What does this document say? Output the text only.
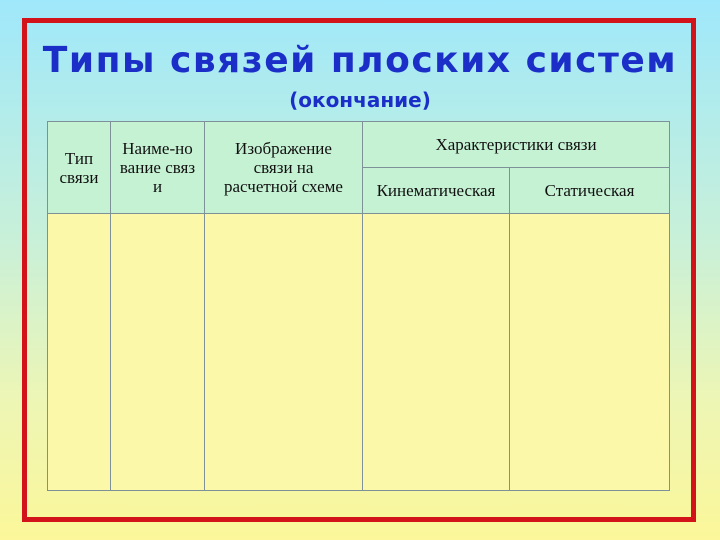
Типы связей плоских систем
(окончание)
Тип связи	Наиме-нование связи	Изображение связи на расчетной схеме	Характеристики связи	
			Кинематическая	Статическая
